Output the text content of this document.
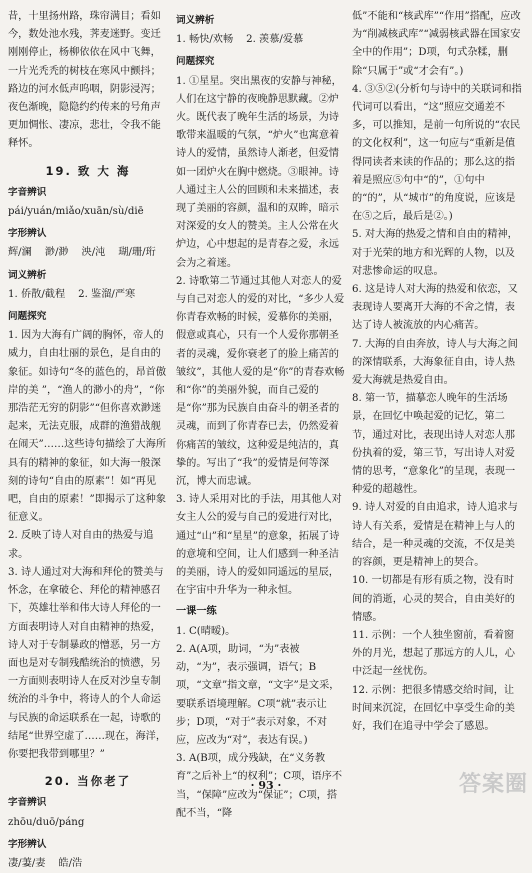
昔，十里扬州路，珠帘满目；看如今，数处池水残，荠麦迷野。变迁刚刚停止，杨柳依依在风中飞舞，一片光秃秃的树枝在寒风中颤抖；路边的河水低声呜咽，阴影浸泻；夜色渐晚，隐隐约约传来的号角声更加惆怅、凄凉，悲壮，令我不能释怀。

19. 致 大 海
字音辨识

pái/yuán/miǎo/xuān/sù/diē

字形辨认

辉/澜    渺/渺    泱/沌    瑚/珊/珩

词义辨析

1. 侨散/截程    2. 鉴溜/严寒

问题探究

1. 因为大海有广阔的胸怀，帝人的威力，自由壮丽的景色，是自由的象征。如诗句“冬的蓝色的，昂首傲岸的美 ”，“渔人的渺小的舟”，“你那浩茫无穷的阴影”“但你喜欢渺迷起来，无法克服，成群的渔猎战舰在闹天”……这些诗句描绘了大海所具有的精神的象征，如大海一般深刻的诗句“自由的原素”！如“再见吧，自由的原素！”即揭示了这种象征意义。
2. 反映了诗人对自由的热爱与追求。
3. 诗人通过对大海和拜伦的赞美与怀念，在拿破仑、拜伦的精神感召下，英雄壮举和伟大诗人拜伦的一方面表明诗人对自由精神的热爱，诗人对于专制暴政的憎恶，另一方面也是对专制残酷统治的愤懑，另一方面则表明诗人在反对沙皇专制统治的斗争中，将诗人的个人命运与民族的命运联系在一起，诗歌的结尾“世界空虚了……现在，海洋，你要把我带到哪里？”

20. 当你老了
字音辨识

zhōu/duō/páng

字形辨认

凄/萋/妻    皓/浩

词义辨析

1. 畅快/欢畅    2. 羡慕/爱慕

问题探究

1. ①星星。突出黑夜的安静与神秘，人们在这宁静的夜晚静思默藏。②炉火。既代表了晚年生活的场景，为诗歌带来温暖的气氛，“炉火”也寓意着诗人的爱情，虽然诗人渐老，但爱情如一团炉火在胸中燃烧。③眼神。诗人通过主人公的回顾和未来描述，表现了美丽的容颜，温和的双眸，暗示对深爱的女人的赞美。主人公常在火炉边，心中想起的是青春之爱，永远会为之着迷。
2. 诗歌第二节通过其他人对恋人的爱与自己对恋人的爱的对比，“多少人爱你青春欢畅的时候，爱慕你的美丽，假意或真心，只有一个人爱你那朝圣者的灵魂，爱你衰老了的脸上痛苦的皱纹”，其他人爱的是“你”的青春欢畅和“你”的美丽外貌，而自己爱的是“你”那为民族自由奋斗的朝圣者的灵魂，而到了你青春已去，仍然爱着你痛苦的皱纹，这种爱是纯洁的，真挚的。写出了“我”的爱情是何等深沉，博大而忠诚。
3. 诗人采用对比的手法，用其他人对女主人公的爱与自己的爱进行对比，通过“山”和“星星”的意象，拓展了诗的意境和空间，让人们感到一种圣洁的美丽，诗人的爱如同遥远的星辰，在宇宙中升华为一种永恒。

一课一练

1. C(晴暧)。

2. A(A项，助词，“为”表被动，“为”，表示强调，语气；B项，“文章”指文章，“文字”是文采，要联系语境理解。C项“就”表示让步；D项，“对于”表示对象，不对应，应改为“对”，表达有误。)

3. A(B项，成分残缺，在“义务教育”之后补上“的权利”；C项，语序不当，“保障”应改为“保证”；C项，搭配不当，“降

低”不能和“核武库”“作用”搭配，应改为“削减核武库”“减弱核武器在国家安全中的作用”；D项，句式杂糅，删除“只属于”或“才会有”。)
4. ③⑤②(分析句与诗中的关联词和指代词可以看出，“这”照应交通差不多，可以推知，是前一句所说的“农民的文化权利”，这一句应与“重新是值得同读者来读的作品的；那么这的指着是照应⑤句中“的”，①句中的“的”，从“城市”的角度说，应该是在⑤之后，最后是②。)
5. 对大海的热爱之情和自由的精神，对于光荣的地方和光辉的人物，以及对悲惨命运的叹息。
6. 这是诗人对大海的热爱和依恋，又表现诗人要离开大海的不舍之情，表达了诗人被流放的内心痛苦。
7. 大海的自由奔放，诗人与大海之间的深情联系，大海象征自由，诗人热爱大海就是热爱自由。
8. 第一节，描摹恋人晚年的生活场景，在回忆中唤起爱的记忆，第二节，通过对比，表现出诗人对恋人那份执着的爱，第三节，写出诗人对爱情的思考，“意象化”的呈现，表现一种爱的超越性。
9. 诗人对爱的自由追求，诗人追求与诗人有关系，爱情是在精神上与人的结合，是一种灵魂的交流，不仅是美的容颜，更是精神上的契合。
10. 一切都是有形有质之物，没有时间的消逝，心灵的契合，自由美好的情感。
11. 示例：一个人独坐窗前，看着窗外的月光，想起了那远方的人儿，心中泛起一丝忧伤。
12. 示例：把很多情感交给时间，让时间来沉淀，在回忆中享受生命的美好，我们在追寻中学会了感恩。

· 93 ·	答案圈
